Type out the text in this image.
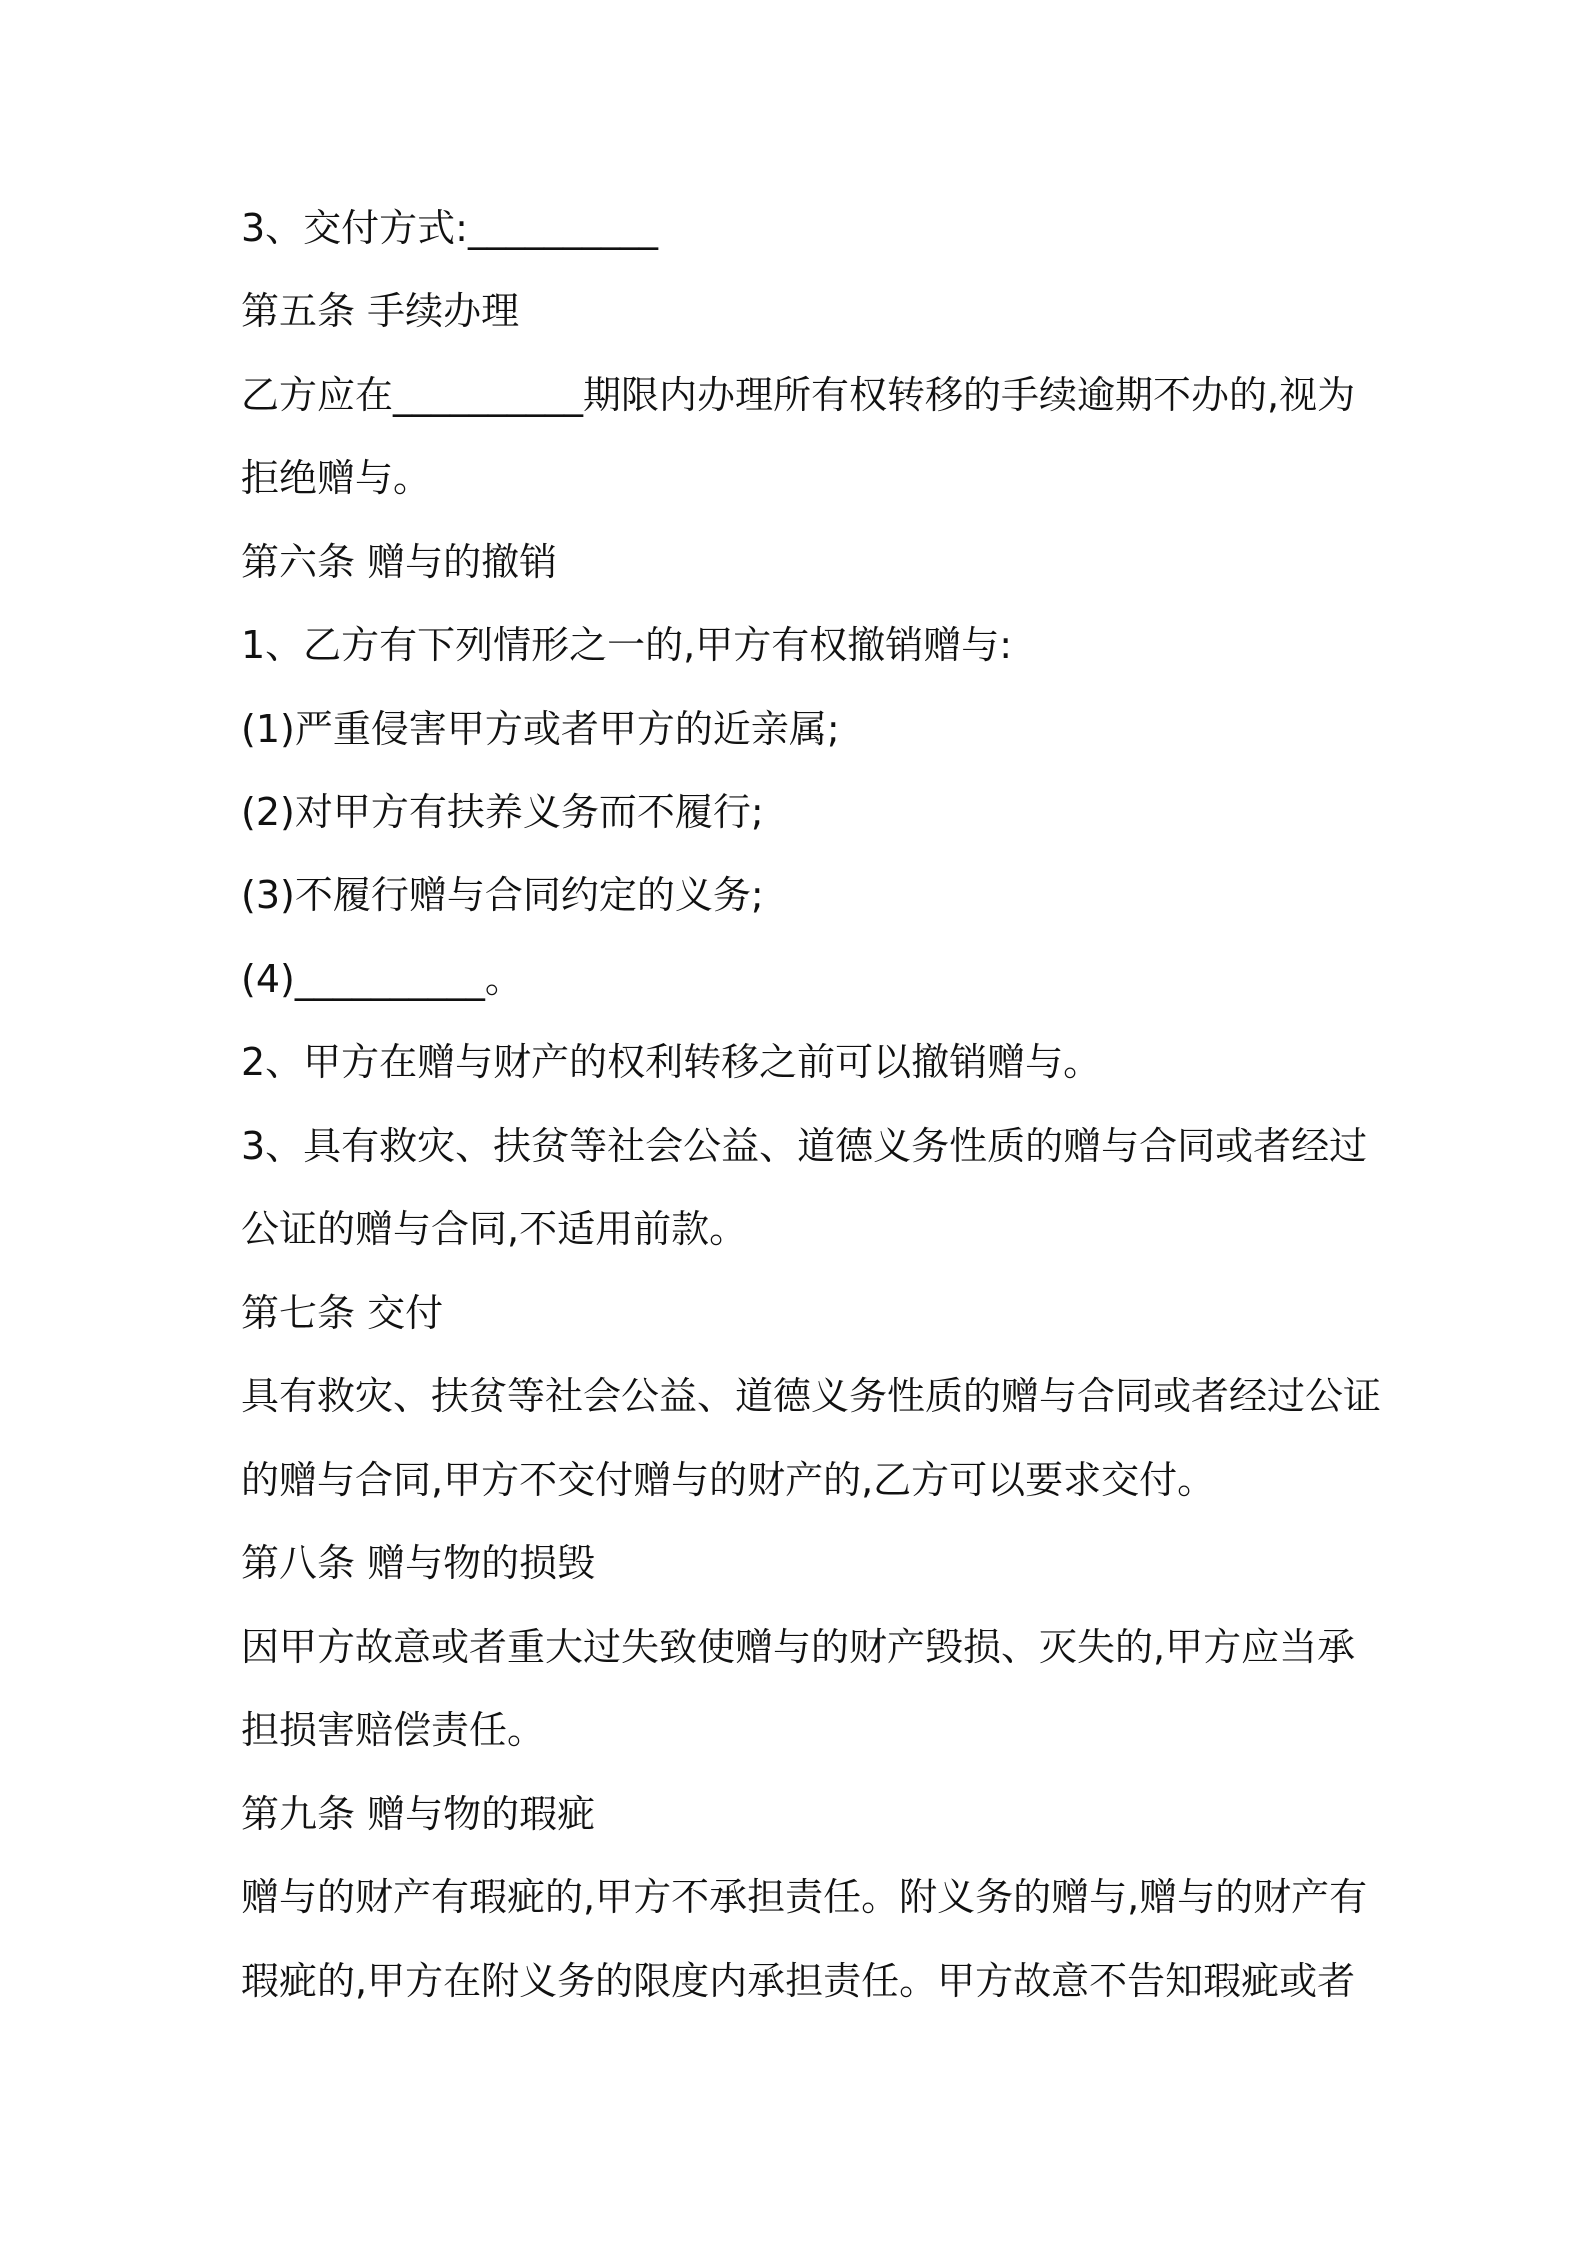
3、交付方式:__________

第五条 手续办理

乙方应在__________期限内办理所有权转移的手续逾期不办的,视为

拒绝赠与。

第六条 赠与的撤销

1、乙方有下列情形之一的,甲方有权撤销赠与:

(1)严重侵害甲方或者甲方的近亲属;

(2)对甲方有扶养义务而不履行;

(3)不履行赠与合同约定的义务;

(4)__________。

2、甲方在赠与财产的权利转移之前可以撤销赠与。

3、具有救灾、扶贫等社会公益、道德义务性质的赠与合同或者经过

公证的赠与合同,不适用前款。

第七条 交付

具有救灾、扶贫等社会公益、道德义务性质的赠与合同或者经过公证

的赠与合同,甲方不交付赠与的财产的,乙方可以要求交付。

第八条 赠与物的损毁

因甲方故意或者重大过失致使赠与的财产毁损、灭失的,甲方应当承

担损害赔偿责任。

第九条 赠与物的瑕疵

赠与的财产有瑕疵的,甲方不承担责任。附义务的赠与,赠与的财产有

瑕疵的,甲方在附义务的限度内承担责任。甲方故意不告知瑕疵或者
